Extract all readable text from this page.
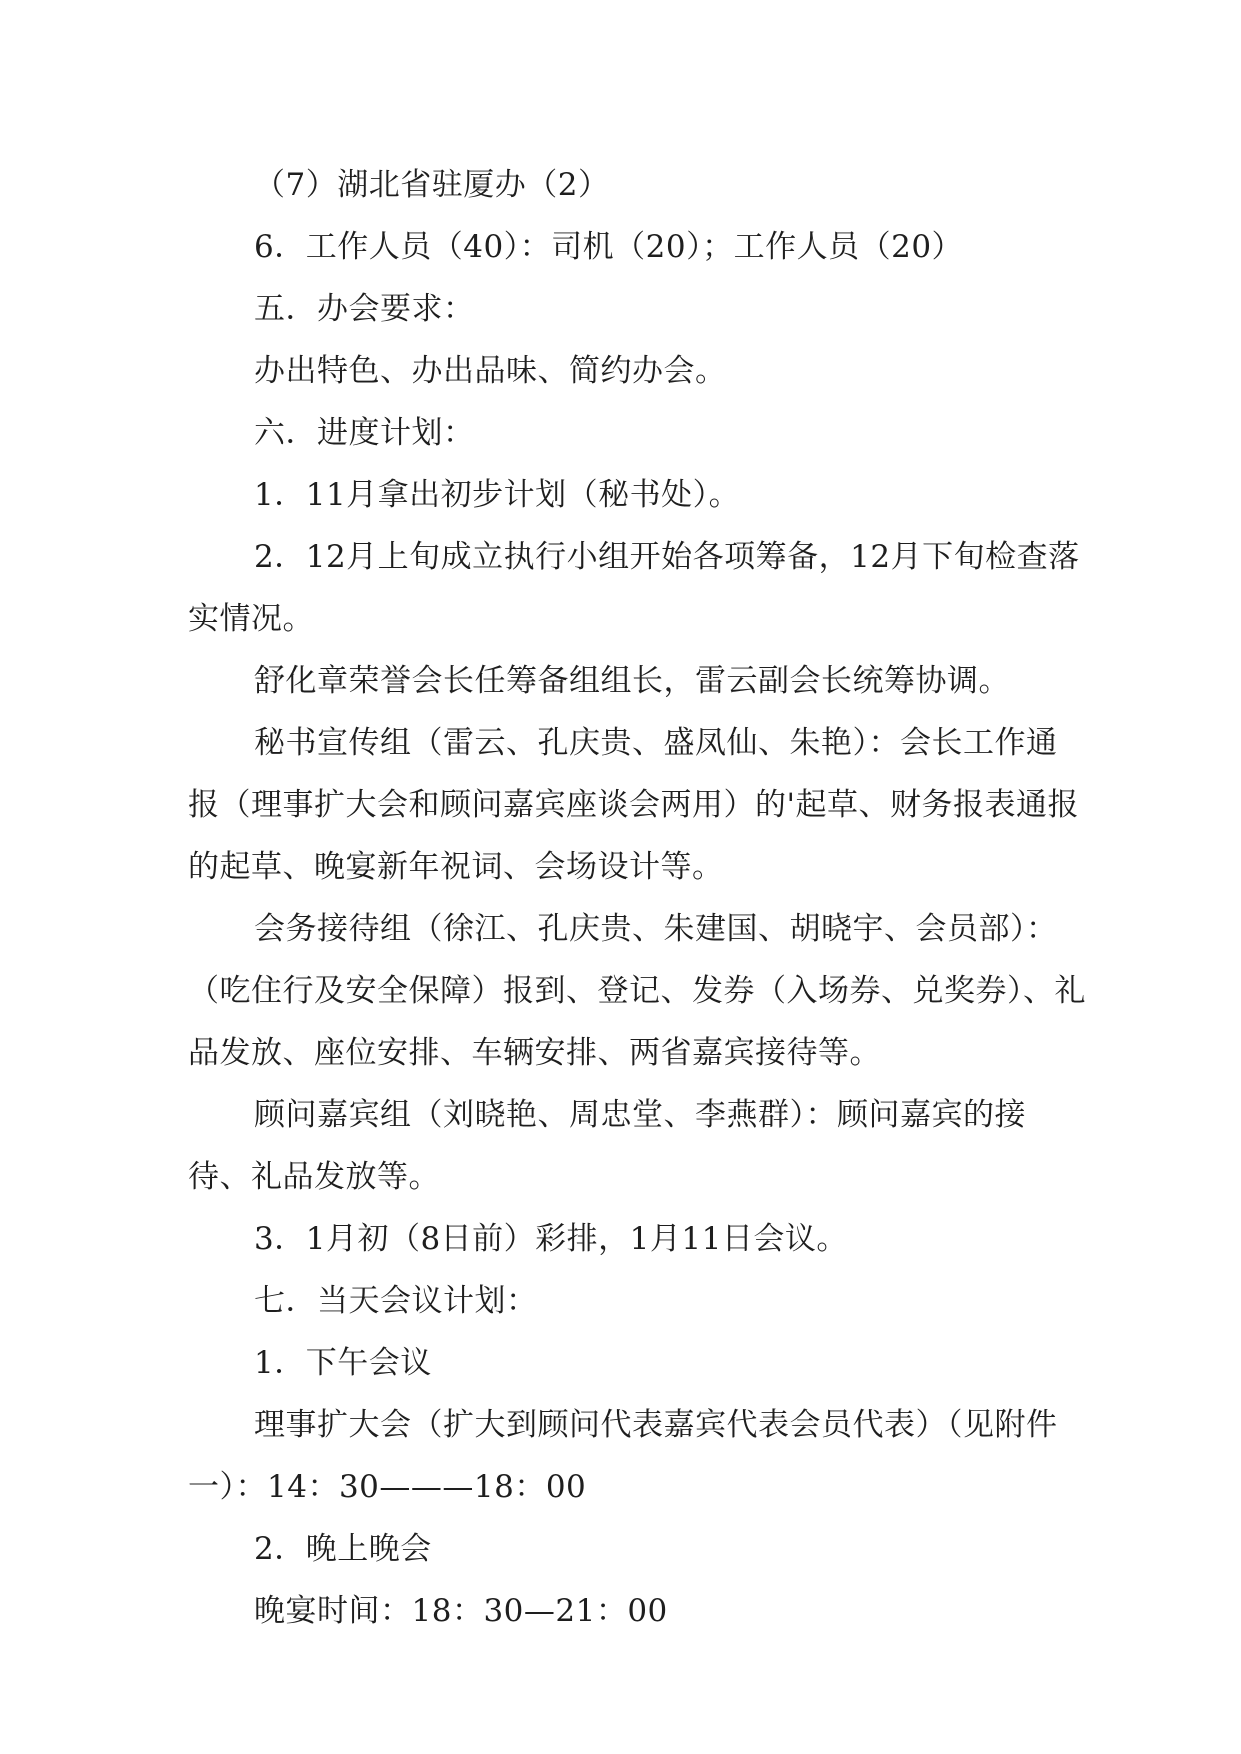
（7）湖北省驻厦办（2）

6．工作人员（40）：司机（20）；工作人员（20）

五．办会要求：

办出特色、办出品味、简约办会。

六．进度计划：

1．11月拿出初步计划（秘书处）。

2．12月上旬成立执行小组开始各项筹备，12月下旬检查落实情况。

舒化章荣誉会长任筹备组组长，雷云副会长统筹协调。

秘书宣传组（雷云、孔庆贵、盛凤仙、朱艳）：会长工作通报（理事扩大会和顾问嘉宾座谈会两用）的'起草、财务报表通报的起草、晚宴新年祝词、会场设计等。

会务接待组（徐江、孔庆贵、朱建国、胡晓宇、会员部）：（吃住行及安全保障）报到、登记、发券（入场券、兑奖券）、礼品发放、座位安排、车辆安排、两省嘉宾接待等。

顾问嘉宾组（刘晓艳、周忠堂、李燕群）：顾问嘉宾的接待、礼品发放等。

3．1月初（8日前）彩排，1月11日会议。

七．当天会议计划：

1．下午会议

理事扩大会（扩大到顾问代表嘉宾代表会员代表）（见附件一）：14：30———18：00

2．晚上晚会

晚宴时间：18：30—21：00
